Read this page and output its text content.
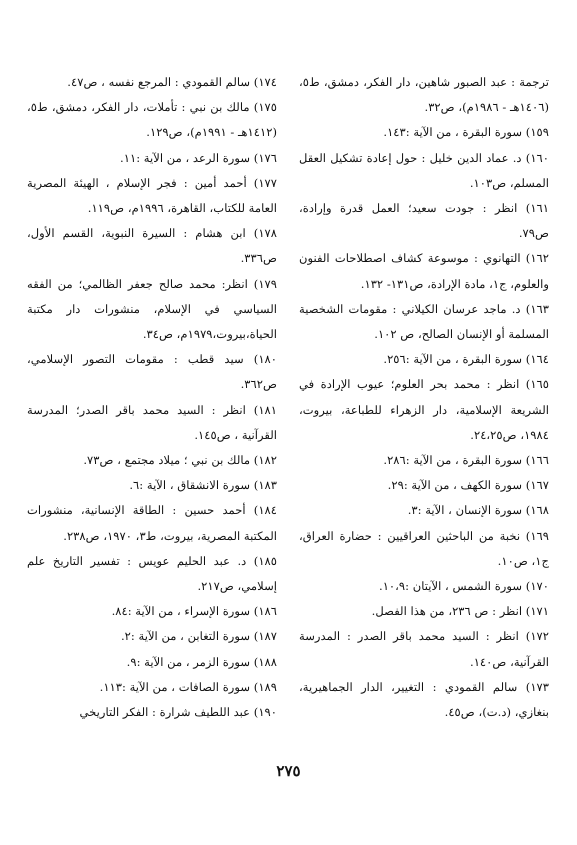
ترجمة : عبد الصبور شاهين، دار الفكر، دمشق، ط٥، (١٤٠٦هـ - ١٩٨٦م)، ص٣٢.

١٥٩) سورة البقرة ، من الآية :١٤٣.

١٦٠) د. عماد الدين خليل : حول إعادة تشكيل العقل المسلم، ص١٠٣.

١٦١) انظر : جودت سعيد؛ العمل قدرة وإرادة، ص٧٩.

١٦٢) التهانوي : موسوعة كشاف اصطلاحات الفنون والعلوم، ج١، مادة الإرادة، ص١٣١- ١٣٢.

١٦٣) د. ماجد عرسان الكيلاني : مقومات الشخصية المسلمة أو الإنسان الصالح، ص ١٠٢.

١٦٤) سورة البقرة ، من الآية :٢٥٦.

١٦٥) انظر : محمد بحر العلوم؛ عيوب الإرادة في الشريعة الإسلامية، دار الزهراء للطباعة، بيروت، ١٩٨٤، ص٢٤،٢٥.

١٦٦) سورة البقرة ، من الآية :٢٨٦.

١٦٧) سورة الكهف ، من الآية :٢٩.

١٦٨) سورة الإنسان ، الآية :٣.

١٦٩) نخبة من الباحثين العراقيين : حضارة العراق، ج١، ص١٠.

١٧٠) سورة الشمس ، الآيتان :١٠،٩.

١٧١) انظر : ص ٢٣٦، من هذا الفصل.

١٧٢) انظر : السيد محمد باقر الصدر : المدرسة القرآنية، ص١٤٠.

١٧٣) سالم القمودي : التغيير، الدار الجماهيرية، بنغازي، (د.ت)، ص٤٥.

١٧٤) سالم القمودي : المرجع نفسه ، ص٤٧.

١٧٥) مالك بن نبي : تأملات، دار الفكر، دمشق، ط٥، (١٤١٢هـ - ١٩٩١م)، ص١٢٩.

١٧٦) سورة الرعد ، من الآية :١١.

١٧٧) أحمد أمين : فجر الإسلام ، الهيئة المصرية العامة للكتاب، القاهرة، ١٩٩٦م، ص١١٩.

١٧٨) ابن هشام : السيرة النبوية، القسم الأول، ص٣٣٦.

١٧٩) انظر: محمد صالح جعفر الظالمي؛ من الفقه السياسي في الإسلام، منشورات دار مكتبة الحياة،بيروت،١٩٧٩م، ص٣٤.

١٨٠) سيد قطب : مقومات التصور الإسلامي، ص٣٦٢.

١٨١) انظر : السيد محمد باقر الصدر؛ المدرسة القرآنية ، ص١٤٥.

١٨٢) مالك بن نبي ؛ ميلاد مجتمع ، ص٧٣.

١٨٣) سورة الانشقاق ، الآية :٦.

١٨٤) أحمد حسين : الطاقة الإنسانية، منشورات المكتبة المصرية، بيروت، ط٣، ١٩٧٠، ص٢٣٨.

١٨٥) د. عبد الحليم عويس : تفسير التاريخ علم إسلامي، ص٢١٧.

١٨٦) سورة الإسراء ، من الآية :٨٤.

١٨٧) سورة التغابن ، من الآية :٢.

١٨٨) سورة الزمر ، من الآية :٩.

١٨٩) سورة الصافات ، من الآية :١١٣.

١٩٠) عبد اللطيف شرارة : الفكر التاريخي

٢٧٥
